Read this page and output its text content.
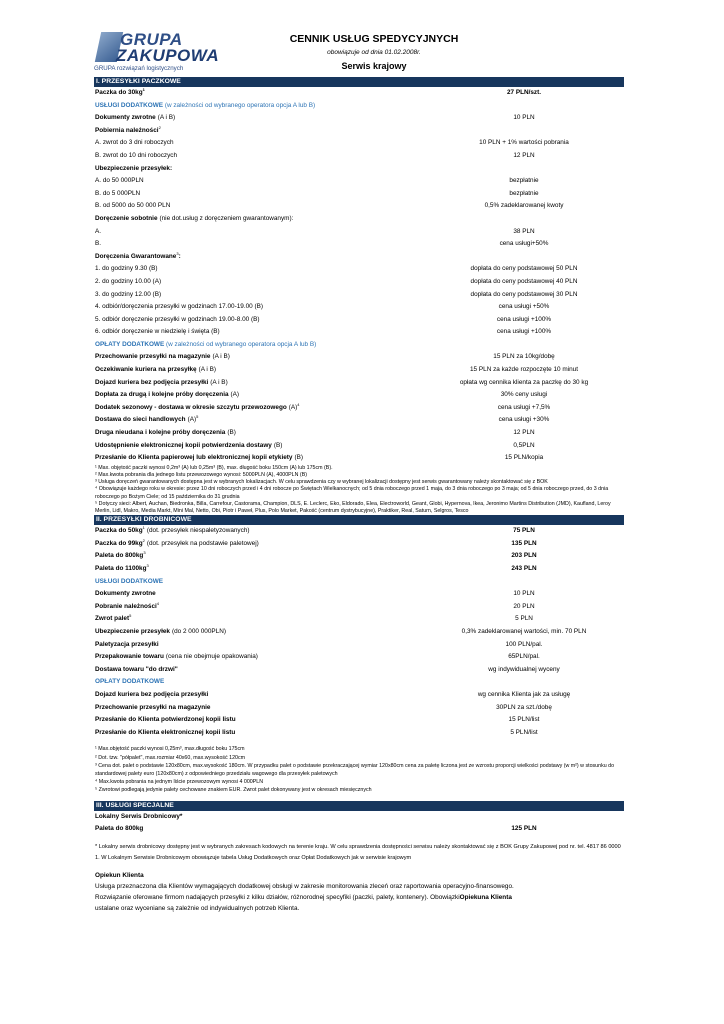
GRUPA
ZAKUPOWA
GRUPA rozwiązań logistycznych
CENNIK USŁUG SPEDYCYJNYCH
obowiązuje od dnia 01.02.2008r.
Serwis krajowy
I. PRZESYŁKI PACZKOWE
Paczka do $30kg^1$	27 PLN/szt.
USŁUGI DODATKOWE (w zależności od wybranego operatora opcja A lub B)
Dokumenty zwrotne (A i B)	10 PLN
Pobiernia należności$^2$
A. zwrot do 3 dni roboczych	10 PLN + 1% wartości pobrania
B. zwrot do 10 dni roboczych	12 PLN
Ubezpieczenie przesyłek:
A. do 50 000PLN	bezpłatnie
B. do 5 000PLN	bezpłatnie
B. od 5000 do 50 000 PLN	0,5% zadeklarowanej kwoty
Doręczenie sobotnie (nie dot.usług z doręczeniem gwarantowanym):
A.	38 PLN
B.	cena usługi+50%
Doręczenia Gwarantowane$^3$:
1. do godziny 9.30 (B)	dopłata do ceny podstawowej 50 PLN
2. do godziny 10.00 (A)	dopłata do ceny podstawowej 40 PLN
3. do godziny 12.00 (B)	dopłata do ceny podstawowej 30 PLN
4. odbiór/doręczenia przesyłki w godzinach 17.00-19.00 (B)	cena usługi +50%
5. odbiór doręczenie przesyłki w godzinach 19.00-8.00 (B)	cena usługi +100%
6. odbiór doręczenie w niedzielę i święta (B)	cena usługi +100%
OPŁATY DODATKOWE (w zależności od wybranego operatora opcja A lub B)
Przechowanie przesyłki na magazynie (A i B)	15 PLN za 10kg/dobę
Oczekiwanie kuriera na przesyłkę (A i B)	15 PLN za każde rozpoczęte 10 minut
Dojazd kuriera bez podjęcia przesyłki (A i B)	opłata wg cennika klienta za paczkę do 30 kg
Dopłata za drugą i kolejne próby doręczenia (A)	30% ceny usługi
Dodatek sezonowy - dostawa w okresie szczytu przewozowego $(A)^4$	cena usługi +7,5%
Dostawa do sieci handlowych $(A)^5$	cena usługi +30%
Druga nieudana i kolejne próby doręczenia (B)	12 PLN
Udostępnienie elektronicznej kopii potwierdzenia dostawy (B)	0,5PLN
Przesłanie do Klienta papierowej lub elektronicznej kopii etykiety (B)	15 PLN/kopia
¹ Max. objętość paczki wynosi 0,2m³ (A) lub 0,25m³ (B), max. długość boku 150cm (A) lub 175cm (B).
² Max.kwota pobrania dla jednego listu przewozowego wynosi: 5000PLN (A), 4000PLN (B)
³ Usługa doręczeń gwarantowanych dostępna jest w wybranych lokalizacjach. W celu sprawdzenia czy w wybranej lokalizacji dostępny jest serwis gwarantowany należy skontaktować się z BOK
⁴ Obowiązuje każdego roku w okresie: przez 10 dni roboczych przed i 4 dni robocze po Świętach Wielkanocnych; od 5 dnia roboczego przed 1 maja, do 3 dnia roboczego po 3 maja; od 5 dnia roboczego przed, do 3 dnia roboczego po Bożym Ciele; od 15 października do 31 grudnia
⁵ Dotyczy sieci: Albert, Auchan, Biedronka, Billa, Carrefour, Castorama, Champion, DLS, E. Leclerc, Eko, Eldorado, Elea, Electroworld, Geant, Globi, Hypernova, Ikea, Jeronimo Martins Distribution (JMD), Kaufland, Leroy Merlin, Lidl, Makro, Media Markt, Mini Mal, Netto, Obi, Piotr i Paweł, Plus, Polo Market, Pakość (centrum dystrybucyjne), Praktiker, Real, Saturn, Selgros, Tesco
II. PRZESYŁKI DROBNICOWE
Paczka do $50kg^1$ (dot. przesyłek niespaletyzowanych)	75 PLN
Paczka do $99kg^2$ (dot. przesyłek na podstawie paletowej)	135 PLN
Paleta do $800kg^3$	203 PLN
Paleta do $1100kg^3$	243 PLN
USŁUGI DODATKOWE
Dokumenty zwrotne	10 PLN
Pobranie należności$^4$	20 PLN
Zwrot palet$^5$	5 PLN
Ubezpieczenie przesyłek (do 2 000 000PLN)	0,3% zadeklarowanej wartości, min. 70 PLN
Paletyzacja przesyłki	100 PLN/pal.
Przepakowanie towaru (cena nie obejmuje opakowania)	65PLN/pal.
Dostawa towaru "do drzwi"	wg indywidualnej wyceny
OPŁATY DODATKOWE
Dojazd kuriera bez podjęcia przesyłki	wg cennika Klienta jak za usługę
Przechowanie przesyłki na magazynie	30PLN za szt./dobę
Przesłanie do Klienta potwierdzonej kopii listu	15 PLN/list
Przesłanie do Klienta elektronicznej kopii listu	5 PLN/list
¹ Max.objętość paczki wynosi 0,25m³, max.długość boku 175cm
² Dot. tzw. "półpalet", max.rozmiar 40x60, max.wysokość 120cm
³ Cena dot. palet o podstawie 120x80cm, max.wysokość 180cm. W przypadku palet o podstawie przekraczającej wymiar 120x80cm cena za paletę liczona jest ze wzrostu proporcji wielkości podstawy (w m²) w stosunku do standardowej palety euro (120x80cm) z odpowiedniego przedziału wagowego dla przesyłek paletowych
⁴ Max.kwota pobrania na jednym liście przewozowym wynosi 4 000PLN
⁵ Zwrotowi podlegają jedynie palety cechowane znakiem EUR. Zwrot palet dokonywany jest w okresach miesięcznych
III. USŁUGI SPECJALNE
Lokalny Serwis Drobnicowy*
Paleta do 800kg	125 PLN
* Lokalny serwis drobnicowy dostępny jest w wybranych zakresach kodowych na terenie kraju. W celu sprawdzenia dostępności serwisu należy skontaktować się z BOK Grupy Zakupowej pod nr. tel. 4817 86 0000 1. W Lokalnym Serwisie Drobnicowym obowiązuje tabela Usług Dodatkowych oraz Opłat Dodatkowych jak w serwisie krajowym
Opiekun Klienta
Usługa przeznaczona dla Klientów wymagających dodatkowej obsługi w zakresie monitorowania zleceń oraz raportowania operacyjno-finansowego.
Rozwiązanie oferowane firmom nadających przesyłki z kilku działów, różnorodnej specyfiki (paczki, palety, kontenery). ObowiązkiOpiekuna Klienta
ustalane oraz wyceniane są zależnie od indywidualnych potrzeb Klienta.
